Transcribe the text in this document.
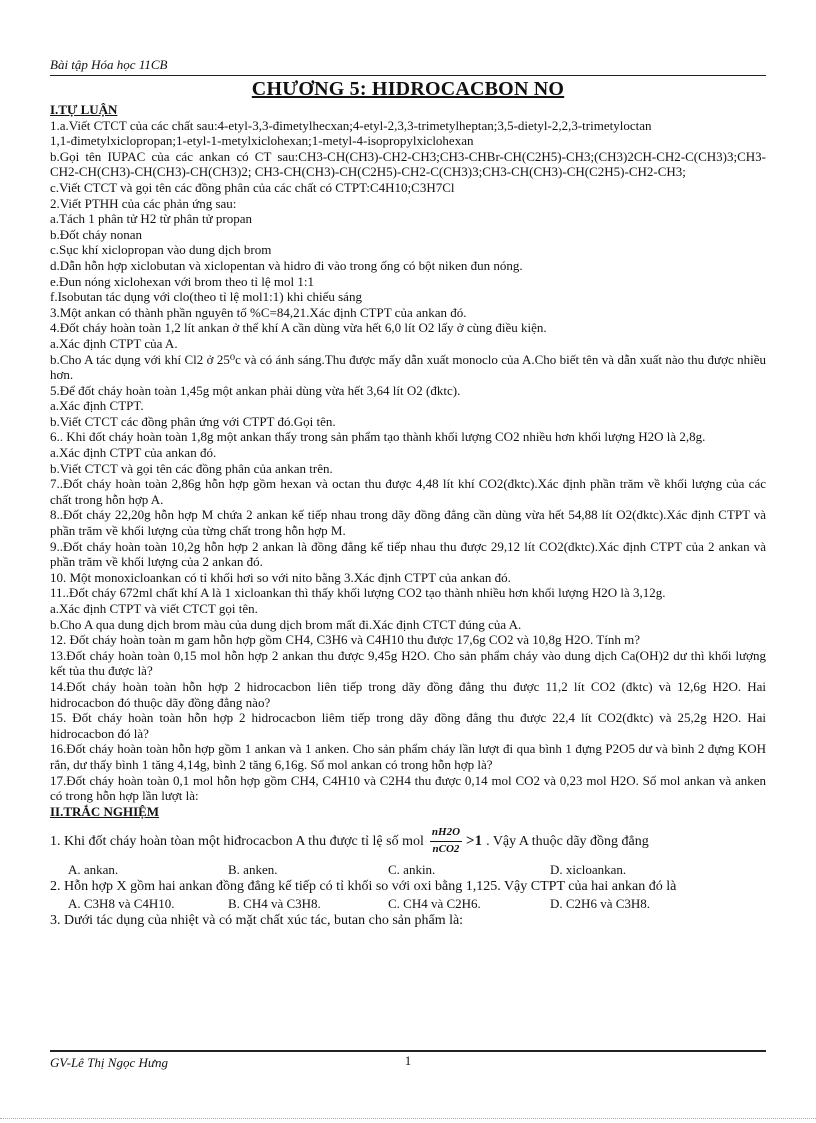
Bài tập Hóa học 11CB
CHƯƠNG 5: HIDROCACBON NO

I.TỰ LUẬN

1.a.Viết CTCT của các chất sau:4-etyl-3,3-đimetylhecxan;4-etyl-2,3,3-trimetylheptan;3,5-dietyl-2,2,3-trimetyloctan

1,1-đimetylxiclopropan;1-etyl-1-metylxiclohexan;1-metyl-4-isopropylxiclohexan

b.Gọi tên IUPAC của các ankan có CT sau:CH3-CH(CH3)-CH2-CH3;CH3-CHBr-CH(C2H5)-CH3;(CH3)2CH-CH2-C(CH3)3;CH3-CH2-CH(CH3)-CH(CH3)-CH(CH3)2; CH3-CH(CH3)-CH(C2H5)-CH2-C(CH3)3;CH3-CH(CH3)-CH(C2H5)-CH2-CH3;

c.Viết CTCT và gọi tên các đồng phân của các chất có CTPT:C4H10;C3H7Cl

2.Viết PTHH của các phản ứng sau:

a.Tách 1 phân tử H2 từ phân tử propan

b.Đốt cháy nonan

c.Sục khí xiclopropan vào dung dịch brom

d.Dẫn hỗn hợp xiclobutan và xiclopentan và hidro đi vào trong ống có bột niken đun nóng.

e.Đun nóng xiclohexan với brom theo tỉ lệ mol 1:1

f.Isobutan tác dụng với clo(theo tỉ lệ mol1:1) khi chiếu sáng

3.Một ankan có thành phần nguyên tố %C=84,21.Xác định CTPT của ankan đó.

4.Đốt cháy hoàn toàn 1,2 lít ankan ở thể khí A cần dùng vừa hết 6,0 lít O2 lấy ở cùng điều kiện.

a.Xác định CTPT của A.

b.Cho A tác dụng với khí Cl2 ở 25⁰c và có ánh sáng.Thu được mấy dẫn xuất monoclo của A.Cho biết tên và dẫn xuất nào thu được nhiều hơn.

5.Để đốt cháy hoàn toàn 1,45g một ankan phải dùng vừa hết 3,64 lít O2 (đktc).

a.Xác định CTPT.

b.Viết CTCT các đồng phân ứng với CTPT đó.Gọi tên.

6.. Khi đốt cháy hoàn toàn 1,8g một ankan thấy trong sản phẩm tạo thành khối lượng CO2 nhiều hơn khối lượng H2O là 2,8g.

a.Xác định CTPT của ankan đó.

b.Viết CTCT và gọi tên các đồng phân của ankan trên.

7..Đốt cháy hoàn toàn 2,86g hỗn hợp gồm hexan và octan thu được 4,48 lít khí CO2(đktc).Xác định phần trăm về khối lượng của các chất trong hỗn hợp A.

8..Đốt cháy 22,20g hỗn hợp M chứa 2 ankan kế tiếp nhau trong dãy đồng đẳng cần dùng vừa hết 54,88 lít O2(đktc).Xác định CTPT và phần trăm về khối lượng của từng chất trong hỗn hợp M.

9..Đốt cháy hoàn toàn 10,2g hỗn hợp 2 ankan là đồng đẳng kế tiếp nhau thu được 29,12 lít CO2(đktc).Xác định CTPT của 2 ankan và phần trăm về khối lượng của 2 ankan đó.

10. Một monoxicloankan có tỉ khối hơi so với nito bằng 3.Xác định CTPT của ankan đó.

11..Đốt cháy 672ml chất khí A là 1 xicloankan thì thấy khối lượng CO2 tạo thành nhiều hơn khối lượng H2O là 3,12g.

a.Xác định CTPT và viết CTCT gọi tên.

b.Cho A qua dung dịch brom màu của dung dịch brom mất đi.Xác định CTCT đúng của A.

12. Đốt cháy hoàn toàn m gam hỗn hợp gồm CH4, C3H6 và C4H10 thu được 17,6g CO2 và 10,8g H2O. Tính m?

13.Đốt cháy hoàn toàn 0,15 mol hỗn hợp 2 ankan thu được 9,45g H2O. Cho sản phẩm cháy vào dung dịch Ca(OH)2 dư thì khối lượng kết tủa thu được là?

14.Đốt cháy hoàn toàn hỗn hợp 2 hidrocacbon liên tiếp trong dãy đồng đẳng thu được 11,2 lít CO2 (đktc) và 12,6g H2O. Hai hidrocacbon đó thuộc dãy đồng đẳng nào?

15. Đốt cháy hoàn toàn hỗn hợp 2 hidrocacbon liêm tiếp trong dãy đồng đẳng thu được 22,4 lít CO2(đktc) và 25,2g H2O. Hai hidrocacbon đó là?

16.Đốt cháy hoàn toàn hỗn hợp gồm 1 ankan và 1 anken. Cho sản phẩm cháy lần lượt đi qua bình 1 đựng P2O5 dư và bình 2 đựng KOH rắn, dư thấy bình 1 tăng 4,14g, bình 2 tăng 6,16g. Số mol ankan có trong hỗn hợp là?

17.Đốt cháy hoàn toàn 0,1 mol hỗn hợp gồm CH4, C4H10 và C2H4 thu được 0,14 mol CO2 và 0,23 mol H2O. Số mol ankan và anken có trong hỗn hợp lần lượt là:

II.TRẮC NGHIỆM

1. Khi đốt cháy hoàn tòan một hiđrocacbon A thu được tỉ lệ số mol $\frac{nH2O}{\text{nCO2}} >1$ . Vậy A thuộc dãy đồng đẳng
A. ankan.	B. anken.	C. ankin.	D. xicloankan.

2. Hỗn hợp X gồm hai ankan đồng đẳng kế tiếp có tỉ khối so với oxi bằng 1,125. Vậy CTPT của hai ankan đó là

A. C3H8 và C4H10.	B. CH4 và C3H8.	C. CH4 và C2H6.	D. C2H6 và C3H8.

3. Dưới tác dụng của nhiệt và có mặt chất xúc tác, butan cho sản phẩm là:

GV-Lê Thị Ngọc Hưng	1
